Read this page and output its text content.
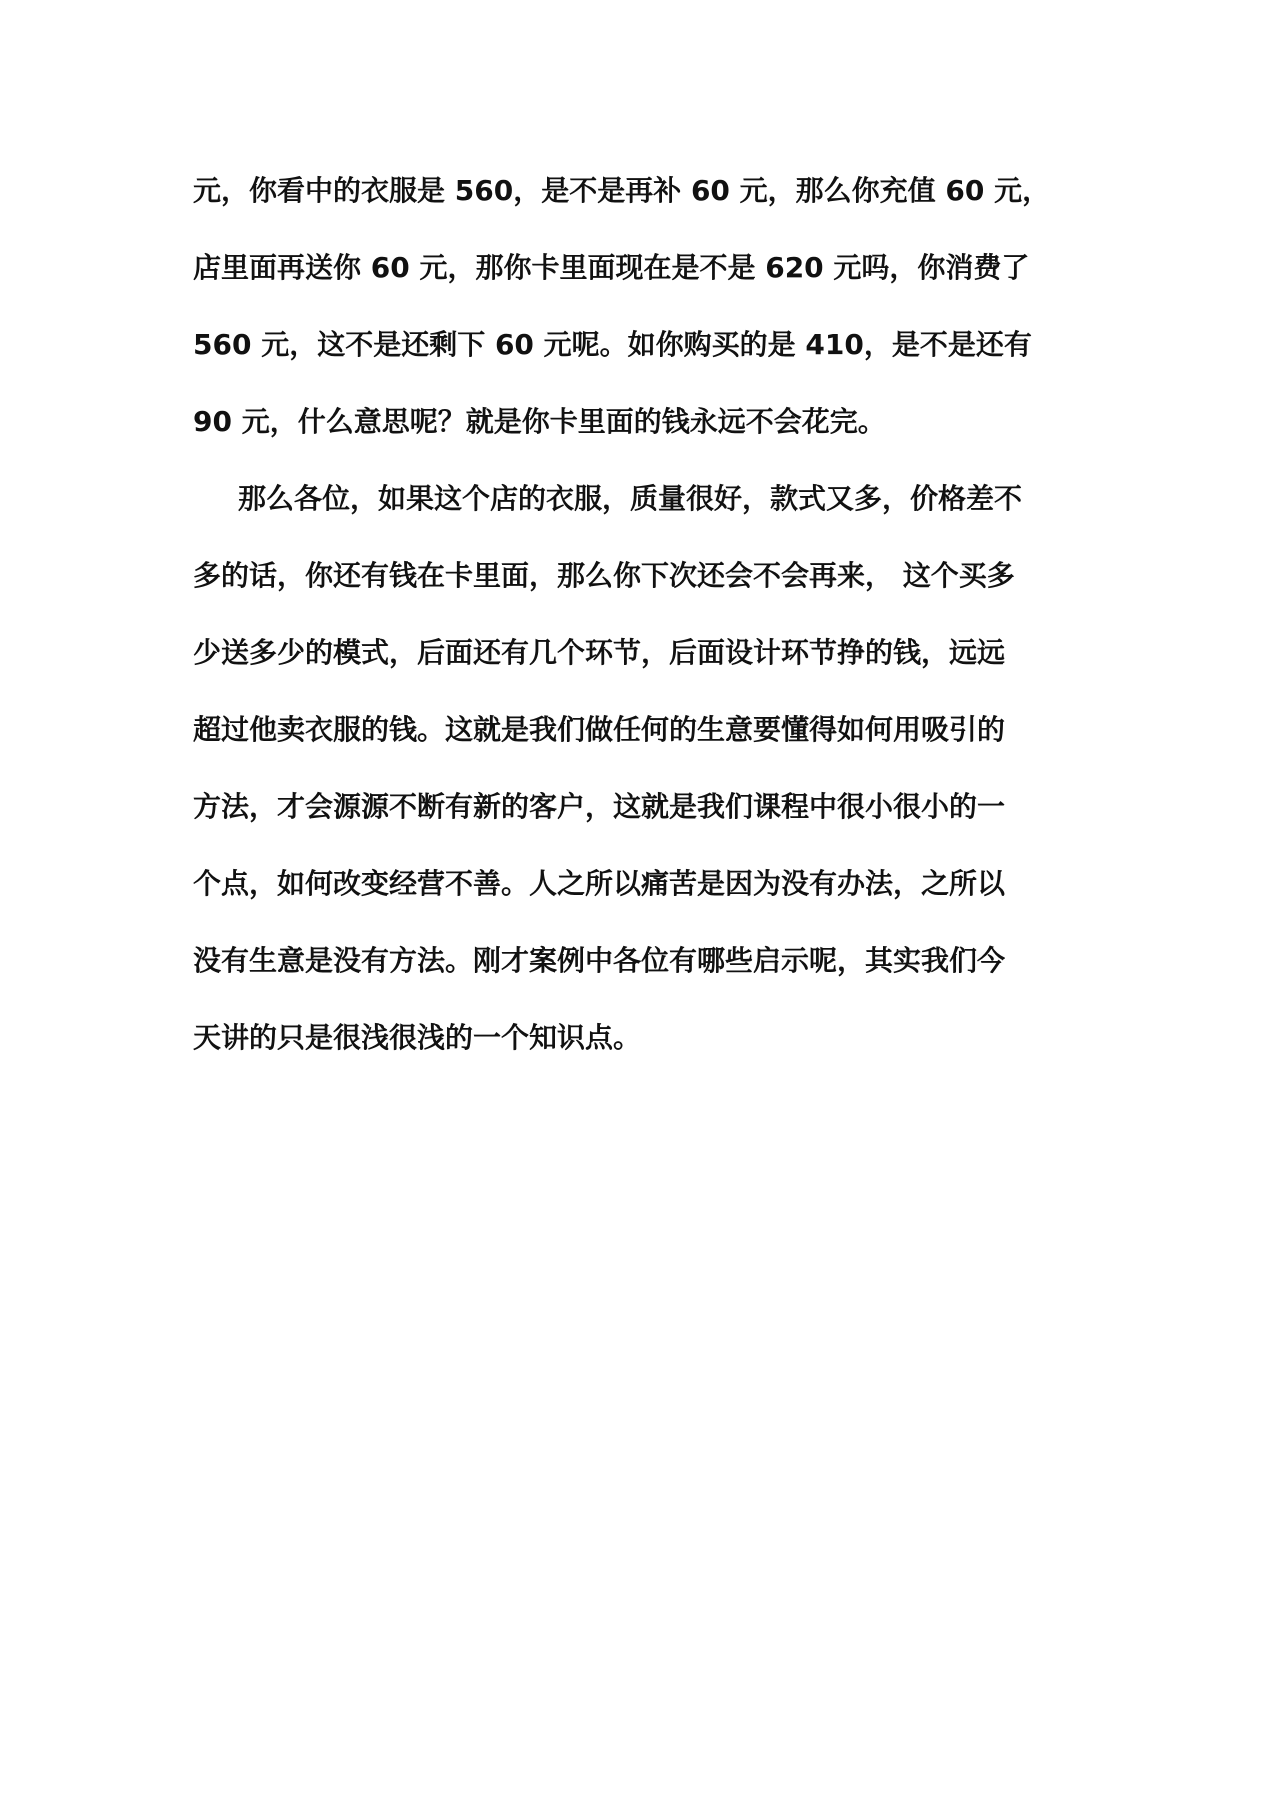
元，你看中的衣服是 560，是不是再补 60 元，那么你充值 60 元，
店里面再送你 60 元，那你卡里面现在是不是 620 元吗，你消费了
560 元，这不是还剩下 60 元呢。如你购买的是 410，是不是还有
90 元，什么意思呢？就是你卡里面的钱永远不会花完。
那么各位，如果这个店的衣服，质量很好，款式又多，价格差不
多的话，你还有钱在卡里面，那么你下次还会不会再来， 这个买多
少送多少的模式，后面还有几个环节，后面设计环节挣的钱，远远
超过他卖衣服的钱。这就是我们做任何的生意要懂得如何用吸引的
方法，才会源源不断有新的客户，这就是我们课程中很小很小的一
个点，如何改变经营不善。人之所以痛苦是因为没有办法，之所以
没有生意是没有方法。刚才案例中各位有哪些启示呢，其实我们今
天讲的只是很浅很浅的一个知识点。
